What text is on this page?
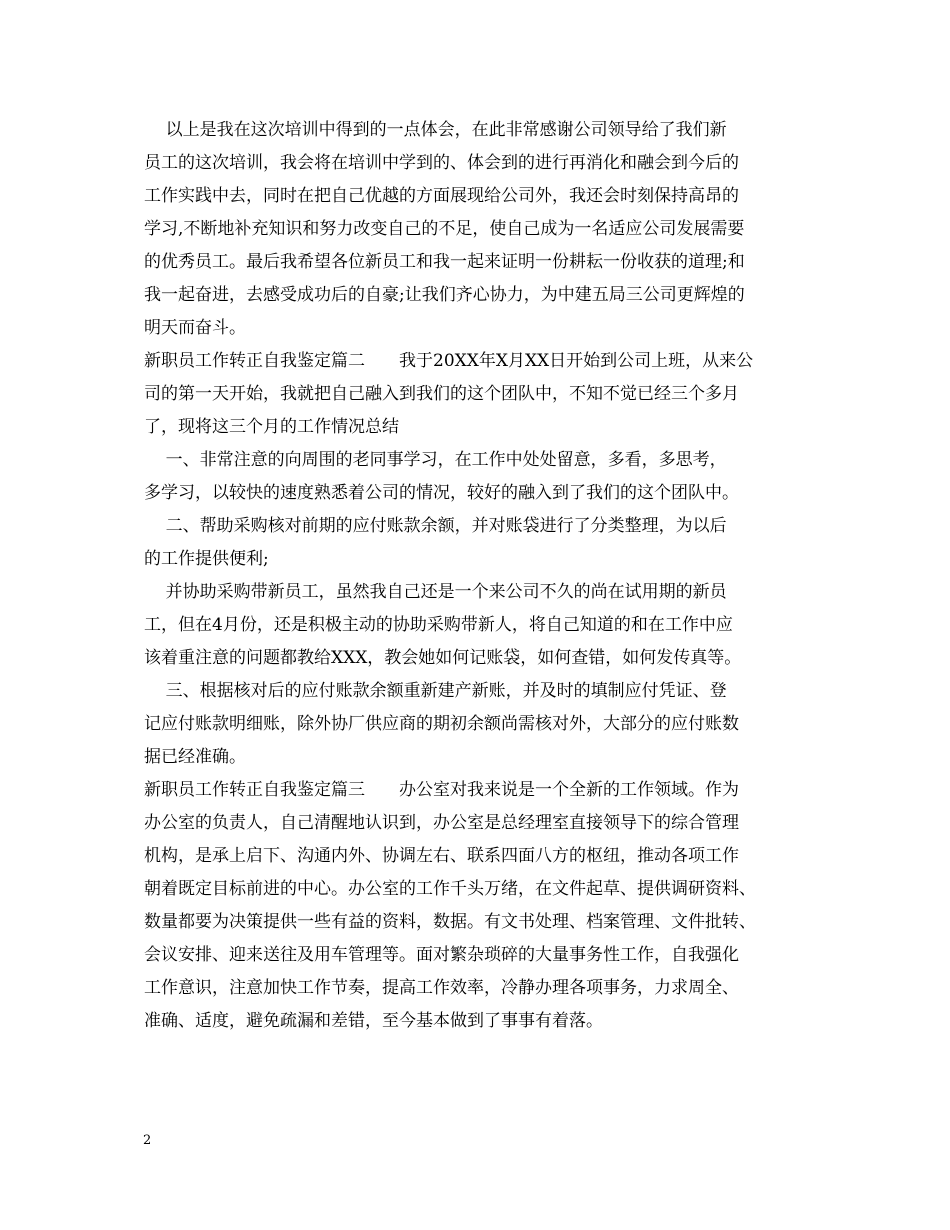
以上是我在这次培训中得到的一点体会，在此非常感谢公司领导给了我们新
员工的这次培训，我会将在培训中学到的、体会到的进行再消化和融会到今后的
工作实践中去，同时在把自己优越的方面展现给公司外，我还会时刻保持高昂的
学习,不断地补充知识和努力改变自己的不足，使自己成为一名适应公司发展需要
的优秀员工。最后我希望各位新员工和我一起来证明一份耕耘一份收获的道理;和
我一起奋进，去感受成功后的自豪;让我们齐心协力，为中建五局三公司更辉煌的
明天而奋斗。
新职员工作转正自我鉴定篇二　　我于20XX年X月XX日开始到公司上班，从来公
司的第一天开始，我就把自己融入到我们的这个团队中，不知不觉已经三个多月
了，现将这三个月的工作情况总结
一、非常注意的向周围的老同事学习，在工作中处处留意，多看，多思考，
多学习，以较快的速度熟悉着公司的情况，较好的融入到了我们的这个团队中。
二、帮助采购核对前期的应付账款余额，并对账袋进行了分类整理，为以后
的工作提供便利;
并协助采购带新员工，虽然我自己还是一个来公司不久的尚在试用期的新员
工，但在4月份，还是积极主动的协助采购带新人，将自己知道的和在工作中应
该着重注意的问题都教给XXX，教会她如何记账袋，如何查错，如何发传真等。
三、根据核对后的应付账款余额重新建产新账，并及时的填制应付凭证、登
记应付账款明细账，除外协厂供应商的期初余额尚需核对外，大部分的应付账数
据已经准确。
新职员工作转正自我鉴定篇三　　办公室对我来说是一个全新的工作领域。作为
办公室的负责人，自己清醒地认识到，办公室是总经理室直接领导下的综合管理
机构，是承上启下、沟通内外、协调左右、联系四面八方的枢纽，推动各项工作
朝着既定目标前进的中心。办公室的工作千头万绪，在文件起草、提供调研资料、
数量都要为决策提供一些有益的资料，数据。有文书处理、档案管理、文件批转、
会议安排、迎来送往及用车管理等。面对繁杂琐碎的大量事务性工作，自我强化
工作意识，注意加快工作节奏，提高工作效率，冷静办理各项事务，力求周全、
准确、适度，避免疏漏和差错，至今基本做到了事事有着落。
2
